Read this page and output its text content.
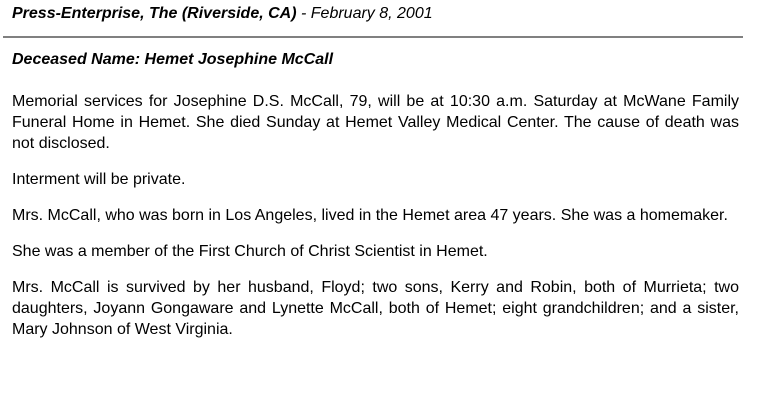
Press-Enterprise, The (Riverside, CA) - February 8, 2001
Deceased Name: Hemet Josephine McCall

Memorial services for Josephine D.S. McCall, 79, will be at 10:30 a.m. Saturday at McWane Family Funeral Home in Hemet. She died Sunday at Hemet Valley Medical Center. The cause of death was not disclosed.

Interment will be private.

Mrs. McCall, who was born in Los Angeles, lived in the Hemet area 47 years. She was a homemaker.

She was a member of the First Church of Christ Scientist in Hemet.

Mrs. McCall is survived by her husband, Floyd; two sons, Kerry and Robin, both of Murrieta; two daughters, Joyann Gongaware and Lynette McCall, both of Hemet; eight grandchildren; and a sister, Mary Johnson of West Virginia.
